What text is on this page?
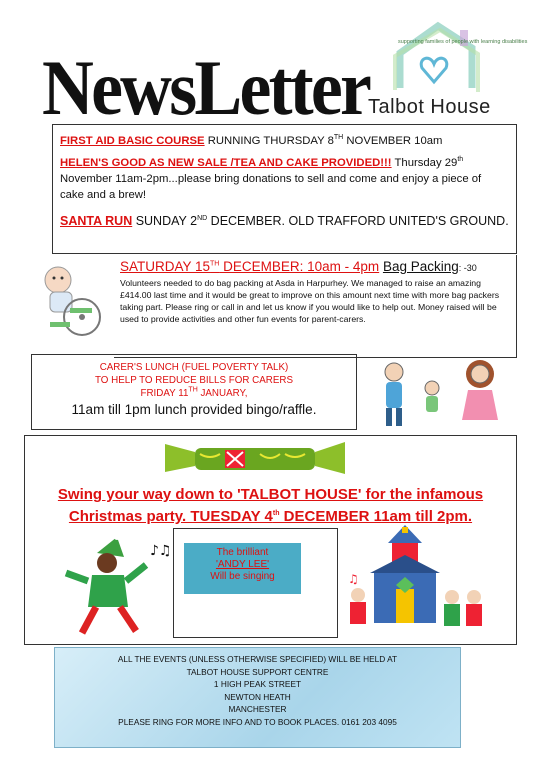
NewsLetter
supporting families of people with learning disabilities
Talbot House
FIRST AID BASIC COURSE RUNNING THURSDAY 8TH NOVEMBER 10am
HELEN'S GOOD AS NEW SALE /TEA AND CAKE PROVIDED!!! Thursday 29th
November 11am-2pm...please bring donations to sell and come and enjoy a piece of
cake and a brew!
SANTA RUN SUNDAY 2ND DECEMBER. OLD TRAFFORD UNITED'S GROUND.
SATURDAY 15TH DECEMBER: 10am - 4pm Bag Packing: -30
Volunteers needed to do bag packing at Asda in Harpurhey. We managed to raise an amazing £414.00 last time and it would be great to improve on this amount next time with more bag packers taking part. Please ring or call in and let us know if you would like to help out. Money raised will be used to provide activities and other fun events for parent-carers.
CARER'S LUNCH (FUEL POVERTY TALK)
TO HELP TO REDUCE BILLS FOR CARERS
FRIDAY 11TH JANUARY,
11am till 1pm lunch provided bingo/raffle.
Swing your way down to 'TALBOT HOUSE' for the infamous
Christmas party. TUESDAY 4th DECEMBER 11am till 2pm.
♪♫	The brilliant
'ANDY LEE'
Will be singing	♫
ALL THE EVENTS (UNLESS OTHERWISE SPECIFIED) WILL BE HELD AT
TALBOT HOUSE SUPPORT CENTRE
1 HIGH PEAK STREET
NEWTON HEATH
MANCHESTER
PLEASE RING FOR MORE INFO AND TO BOOK PLACES. 0161 203 4095
